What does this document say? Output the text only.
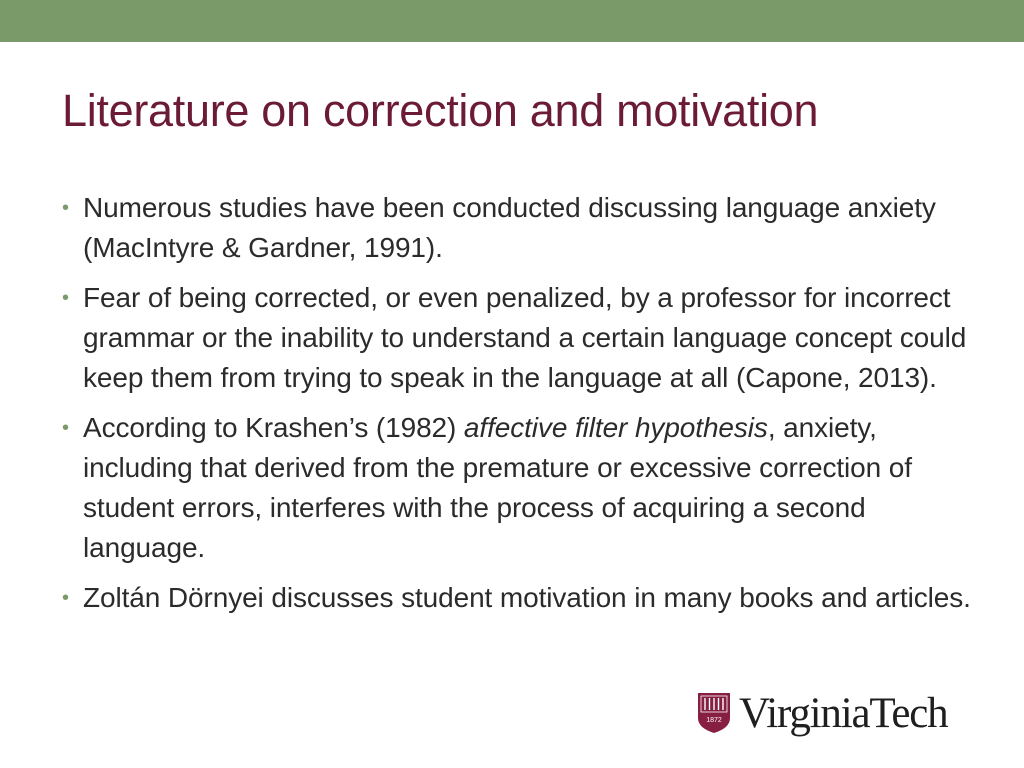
Literature on correction and motivation
• Numerous studies have been conducted discussing language anxiety (MacIntyre & Gardner, 1991).
• Fear of being corrected, or even penalized, by a professor for incorrect grammar or the inability to understand a certain language concept could keep them from trying to speak in the language at all (Capone, 2013).
• According to Krashen’s (1982) affective filter hypothesis, anxiety, including that derived from the premature or excessive correction of student errors, interferes with the process of acquiring a second language.
• Zoltán Dörnyei discusses student motivation in many books and articles.
1872 VirginiaTech
